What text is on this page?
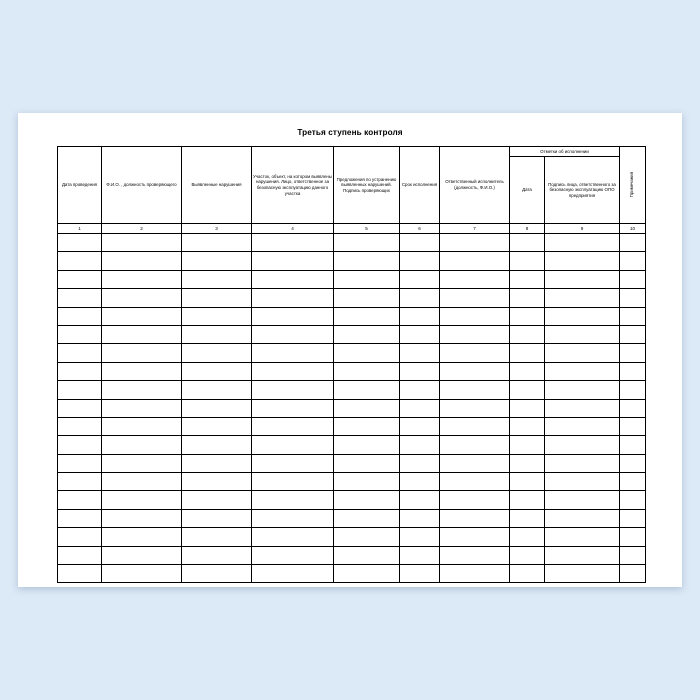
Третья ступень контроля
Дата проведения	Ф.И.О. , должность проверяющего	Выявленные нарушения	Участок, объект, на котором выявлены нарушения. Лицо, ответственное за безопасную эксплуатацию данного участка	Предложения по устранению выявленных нарушений. Подпись проверяющих	Срок исполнения	Ответственный исполнитель (должность, Ф.И.О.)	Отметки об исполнении		Примечания

							Дата	Подпись лица, ответственного за безопасную эксплуатацию ОПО предприятия	
1	2	3	4	5	6	7	8	9	10
